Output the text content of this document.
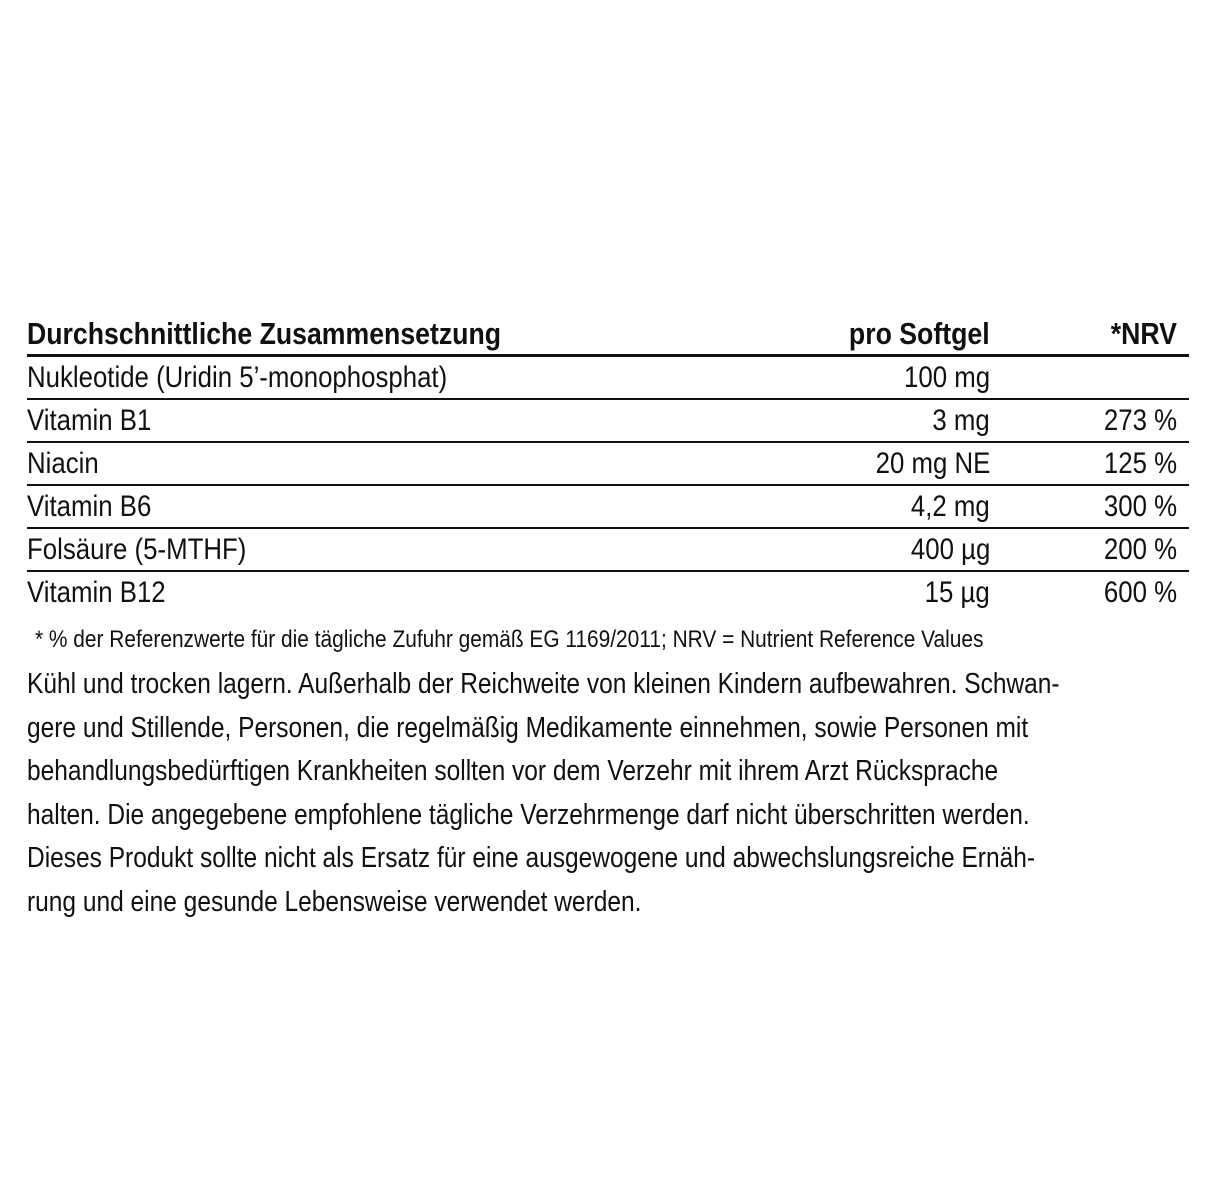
Durchschnittliche Zusammensetzung	pro Softgel	*NRV
Nukleotide (Uridin 5’-monophosphat)	100 mg	
Vitamin B1	3 mg	273 %
Niacin	20 mg NE	125 %
Vitamin B6	4,2 mg	300 %
Folsäure (5-MTHF)	400 µg	200 %
Vitamin B12	15 µg	600 %
* % der Referenzwerte für die tägliche Zufuhr gemäß EG 1169/2011; NRV = Nutrient Reference Values
Kühl und trocken lagern. Außerhalb der Reichweite von kleinen Kindern aufbewahren. Schwan-
gere und Stillende, Personen, die regelmäßig Medikamente einnehmen, sowie Personen mit
behandlungsbedürftigen Krankheiten sollten vor dem Verzehr mit ihrem Arzt Rücksprache
halten. Die angegebene empfohlene tägliche Verzehrmenge darf nicht überschritten werden.
Dieses Produkt sollte nicht als Ersatz für eine ausgewogene und abwechslungsreiche Ernäh-
rung und eine gesunde Lebensweise verwendet werden.
